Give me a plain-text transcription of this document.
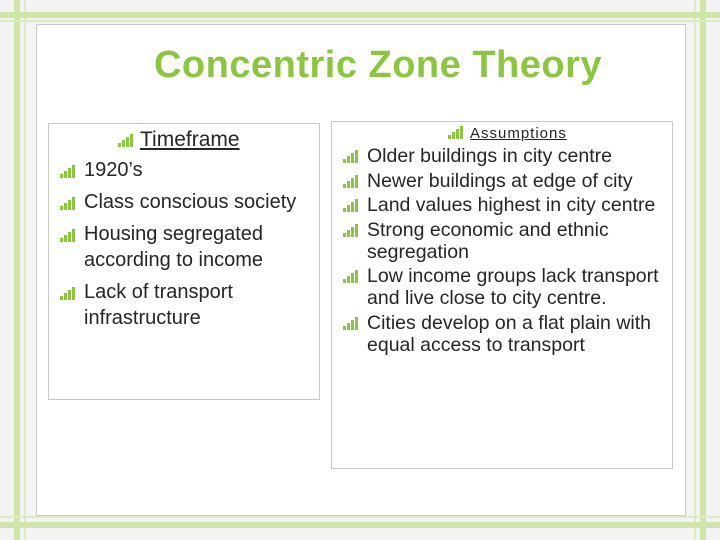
Concentric Zone Theory
Timeframe	Assumptions
1920’s
Class conscious society
Housing segregated according to income
Lack of transport infrastructure
Older buildings in city centre
Newer buildings at edge of city
Land values highest in city centre
Strong economic and ethnic segregation
Low income groups lack transport and live close to city centre.
Cities develop on a flat plain with equal access to transport
